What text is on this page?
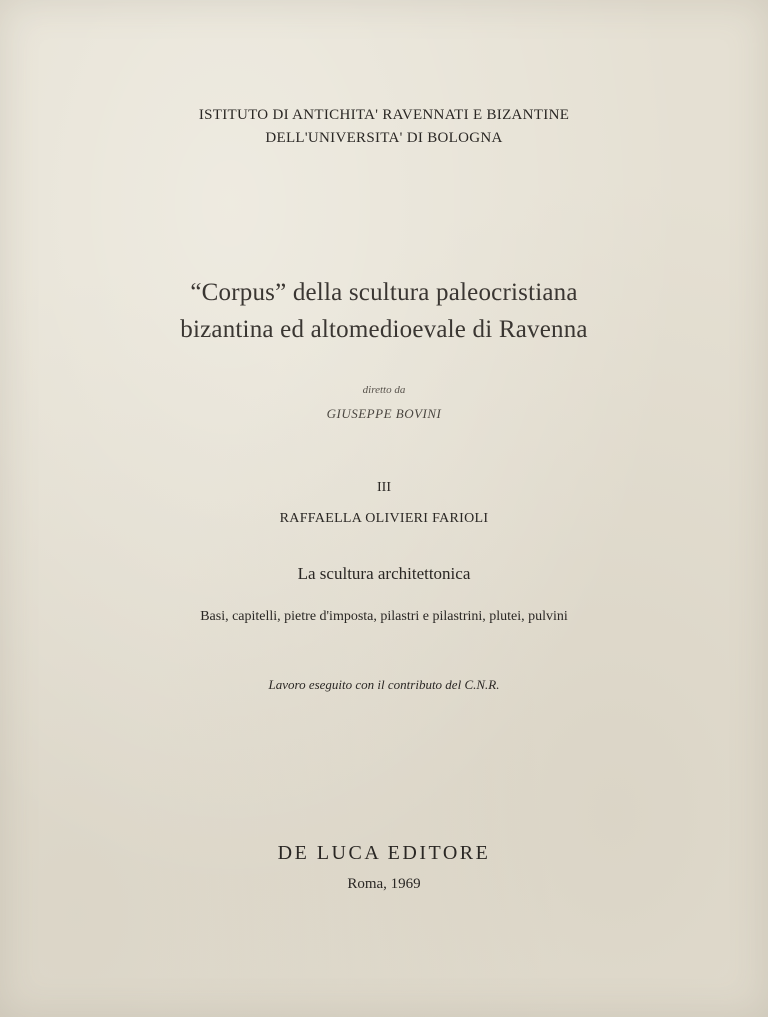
ISTITUTO DI ANTICHITA' RAVENNATI E BIZANTINE
DELL'UNIVERSITA' DI BOLOGNA
“Corpus” della scultura paleocristiana
bizantina ed altomedioevale di Ravenna
diretto da
GIUSEPPE BOVINI
III
RAFFAELLA OLIVIERI FARIOLI
La scultura architettonica
Basi, capitelli, pietre d'imposta, pilastri e pilastrini, plutei, pulvini
Lavoro eseguito con il contributo del C.N.R.
DE LUCA EDITORE
Roma, 1969
